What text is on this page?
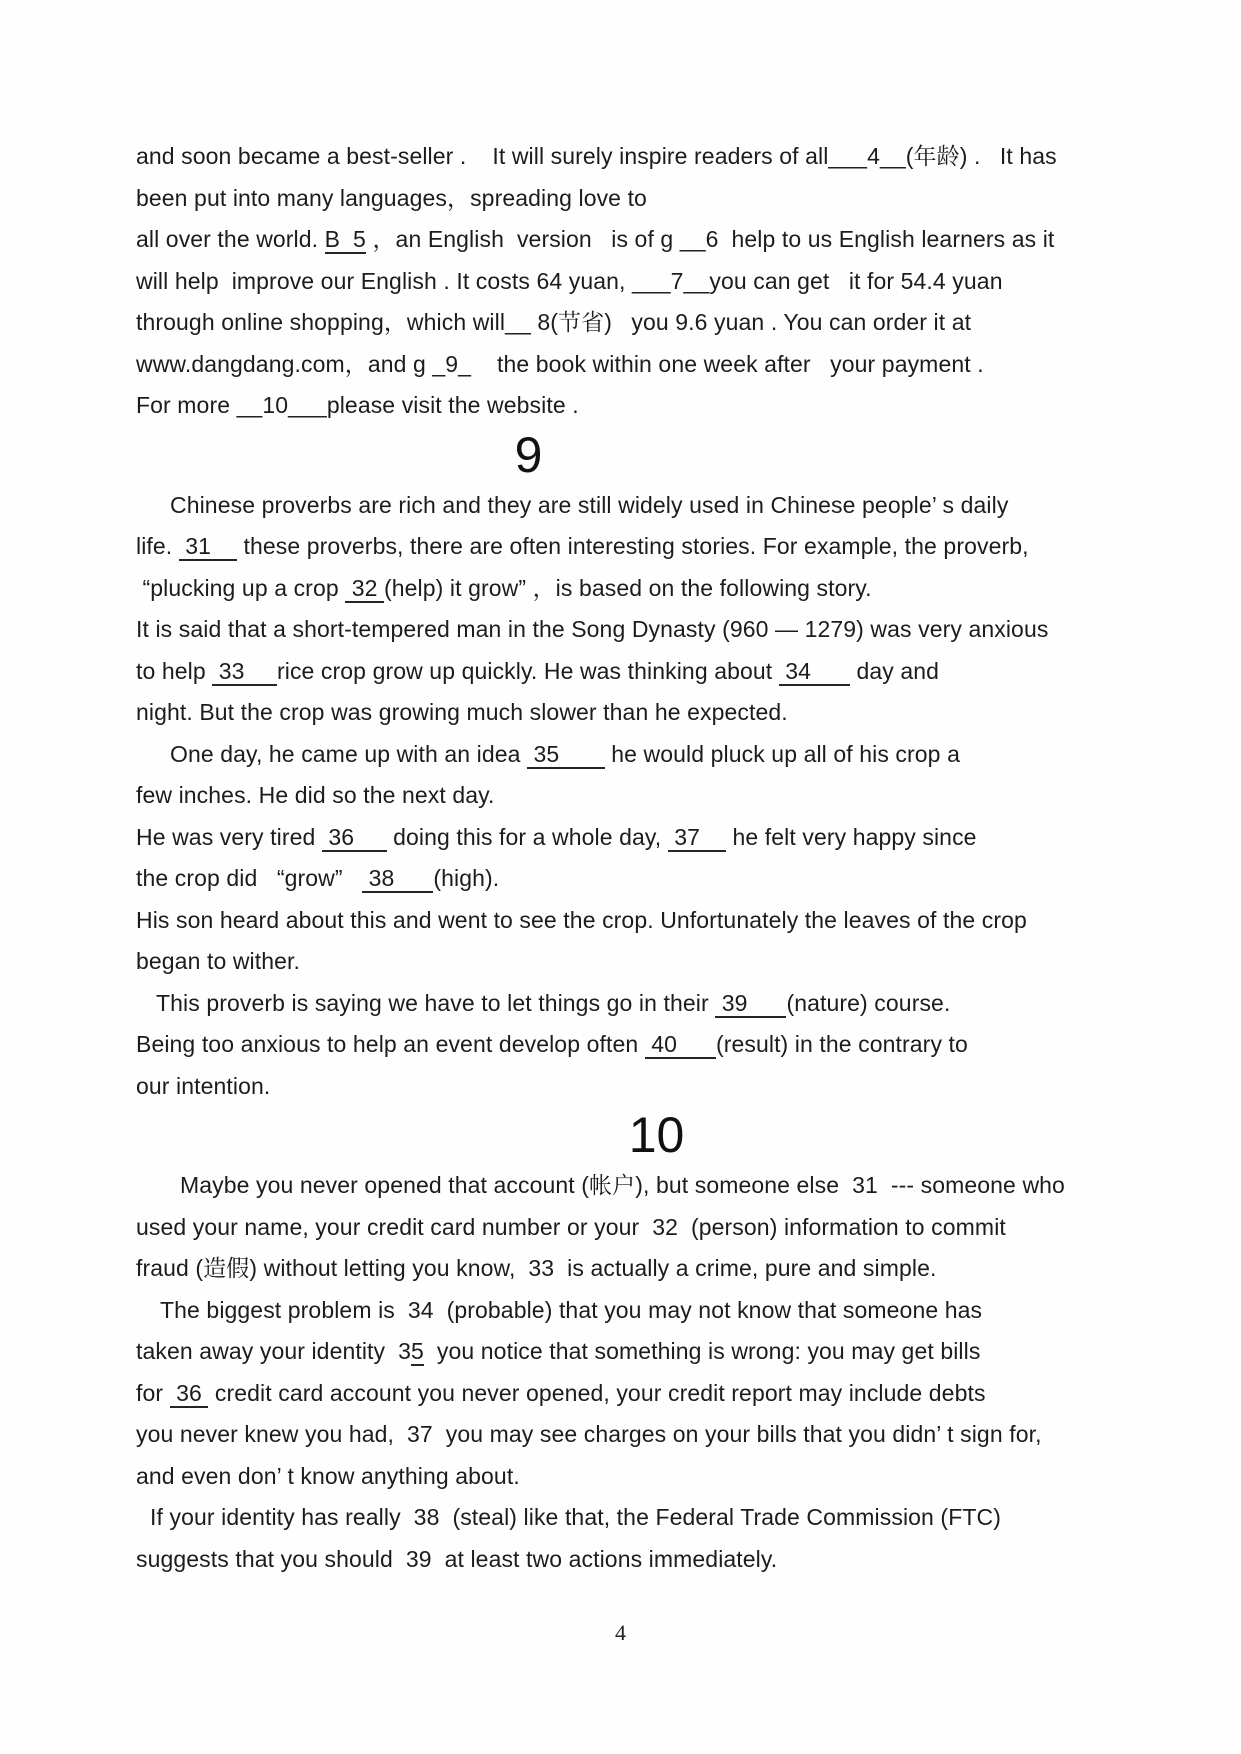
and soon became a best-seller .    It will surely inspire readers of all___4__(年龄) .   It has
been put into many languages，spreading love to
all over the world. B  5 ，an English  version   is of g __6  help to us English learners as it
will help  improve our English . It costs 64 yuan, ___7__you can get   it for 54.4 yuan
through online shopping，which will__ 8(节省)   you 9.6 yuan . You can order it at
www.dangdang.com，and g _9_    the book within one week after   your payment .
For more __10___please visit the website .
9
Chinese proverbs are rich and they are still widely used in Chinese people’ s daily
life.  31     these proverbs, there are often interesting stories. For example, the proverb,
“plucking up a crop  32 (help) it grow” ，is based on the following story.
It is said that a short-tempered man in the Song Dynasty (960 — 1279) was very anxious
to help  33     rice crop grow up quickly. He was thinking about  34       day and
night. But the crop was growing much slower than he expected.
One day, he came up with an idea  35        he would pluck up all of his crop a
few inches. He did so the next day.
He was very tired  36      doing this for a whole day,  37     he felt very happy since
the crop did   “grow”    38      (high).
His son heard about this and went to see the crop. Unfortunately the leaves of the crop
began to wither.
This proverb is saying we have to let things go in their  39      (nature) course.
Being too anxious to help an event develop often  40      (result) in the contrary to
our intention.
10
Maybe you never opened that account (帐户), but someone else  31  --- someone who
used your name, your credit card number or your  32  (person) information to commit
fraud (造假) without letting you know,  33  is actually a crime, pure and simple.
The biggest problem is  34  (probable) that you may not know that someone has
taken away your identity  35  you notice that something is wrong: you may get bills
for  36  credit card account you never opened, your credit report may include debts
you never knew you had,  37  you may see charges on your bills that you didn’ t sign for,
and even don’ t know anything about.
If your identity has really  38  (steal) like that, the Federal Trade Commission (FTC)
suggests that you should  39  at least two actions immediately.
4
